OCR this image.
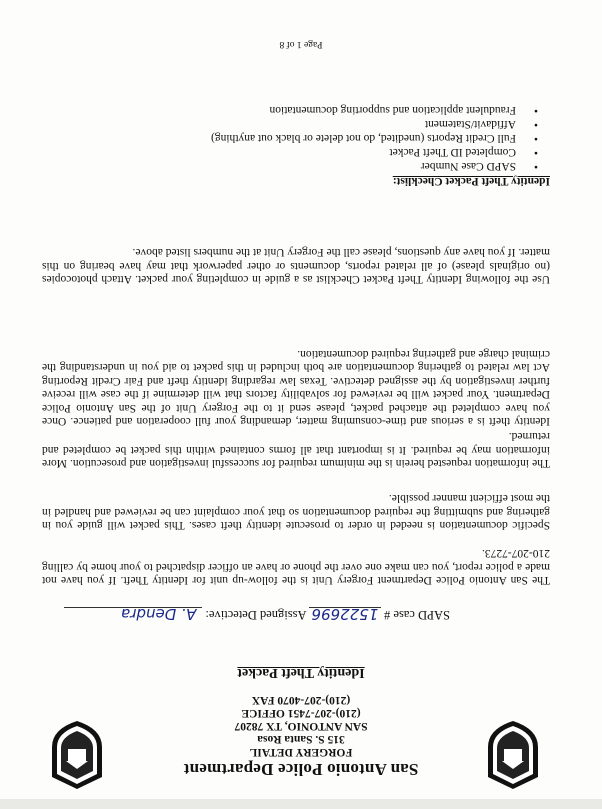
San Antonio Police Department
FORGERY DETAIL
315 S. Santa Rosa
SAN ANTONIO, TX 78207
(210)-207-7451 OFFICE
(210)-207-4070 FAX
Identity Theft Packet
SAPD case # 1522696 Assigned Detective: A. Dendra

The San Antonio Police Department Forgery Unit is the follow-up unit for Identity Theft. If you have not made a police report, you can make one over the phone or have an officer dispatched to your home by calling 210-207-7273.

Specific documentation is needed in order to prosecute identity theft cases. This packet will guide you in gathering and submitting the required documentation so that your complaint can be reviewed and handled in the most efficient manner possible.

The information requested herein is the minimum required for successful investigation and prosecution. More information may be required. It is important that all forms contained within this packet be completed and returned.

Identity theft is a serious and time-consuming matter, demanding your full cooperation and patience. Once you have completed the attached packet, please send it to the Forgery Unit of the San Antonio Police Department. Your packet will be reviewed for solvability factors that will determine if the case will receive further investigation by the assigned detective. Texas law regarding identity theft and Fair Credit Reporting Act law related to gathering documentation are both included in this packet to aid you in understanding the criminal charge and gathering required documentation.

Use the following Identity Theft Packet Checklist as a guide in completing your packet. Attach photocopies (no originals please) of all related reports, documents or other paperwork that may have bearing on this matter. If you have any questions, please call the Forgery Unit at the numbers listed above.

Identity Theft Packet Checklist:
• SAPD Case Number
• Completed ID Theft Packet
• Full Credit Reports (unedited, do not delete or black out anything)
• Affidavit/Statement
• Fraudulent application and supporting documentation
Page 1 of 8
